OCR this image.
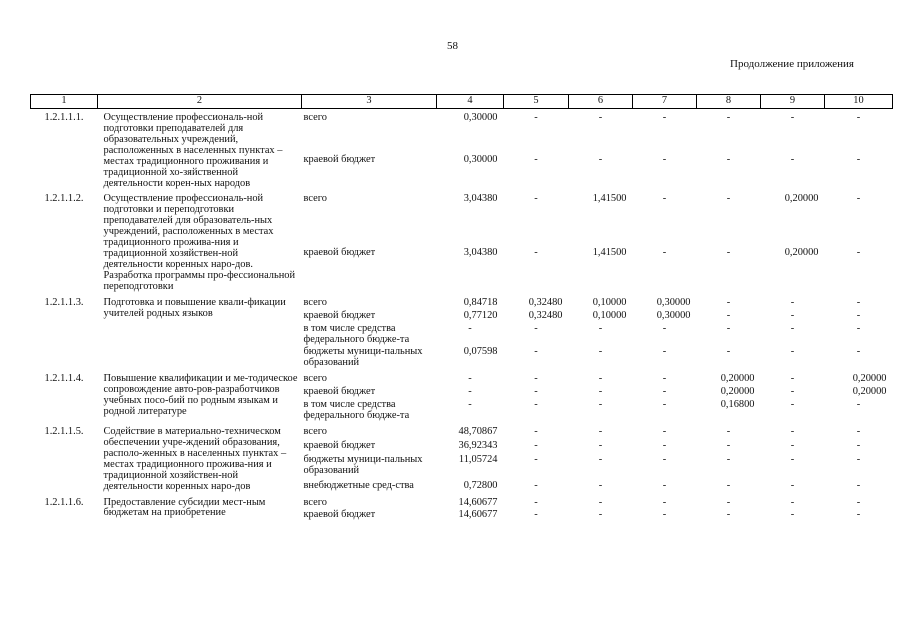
58
Продолжение приложения
1	2	3	4	5	6	7	8	9	10
1.2.1.1.1.	Осуществление профессиональ-ной подготовки преподавателей для образовательных учреждений, расположенных в населенных пунктах – местах традиционного проживания и традиционной хо-зяйственной деятельности корен-ных народов	всего	0,30000	-	-	-	-	-	-
		краевой бюджет	0,30000	-	-	-	-	-	-
1.2.1.1.2.	Осуществление профессиональ-ной подготовки и переподготовки преподавателей для образователь-ных учреждений, расположенных в местах традиционного прожива-ния и традиционной хозяйствен-ной деятельности коренных наро-дов. Разработка программы про-фессиональной переподготовки	всего	3,04380	-	1,41500	-	-	0,20000	-
		краевой бюджет	3,04380	-	1,41500	-	-	0,20000	-
1.2.1.1.3.	Подготовка и повышение квали-фикации учителей родных языков	всего	0,84718	0,32480	0,10000	0,30000	-	-	-
		краевой бюджет	0,77120	0,32480	0,10000	0,30000	-	-	-
		в том числе средства федерального бюдже-та	-	-	-	-	-	-	-
		бюджеты муници-пальных образований	0,07598	-	-	-	-	-	-
1.2.1.1.4.	Повышение квалификации и ме-тодическое сопровождение авто-ров-разработчиков учебных посо-бий по родным языкам и родной литературе	всего	-	-	-	-	0,20000	-	0,20000
		краевой бюджет	-	-	-	-	0,20000	-	0,20000
		в том числе средства федерального бюдже-та	-	-	-	-	0,16800	-	-
1.2.1.1.5.	Содействие в материально-техническом обеспечении учре-ждений образования, располо-женных в населенных пунктах – местах традиционного прожива-ния и традиционной хозяйствен-ной деятельности коренных наро-дов	всего	48,70867	-	-	-	-	-	-
		краевой бюджет	36,92343	-	-	-	-	-	-
		бюджеты муници-пальных образований	11,05724	-	-	-	-	-	-
		внебюджетные сред-ства	0,72800	-	-	-	-	-	-
1.2.1.1.6.	Предоставление субсидии мест-ным бюджетам на приобретение	всего	14,60677	-	-	-	-	-	-
		краевой бюджет	14,60677	-	-	-	-	-	-
